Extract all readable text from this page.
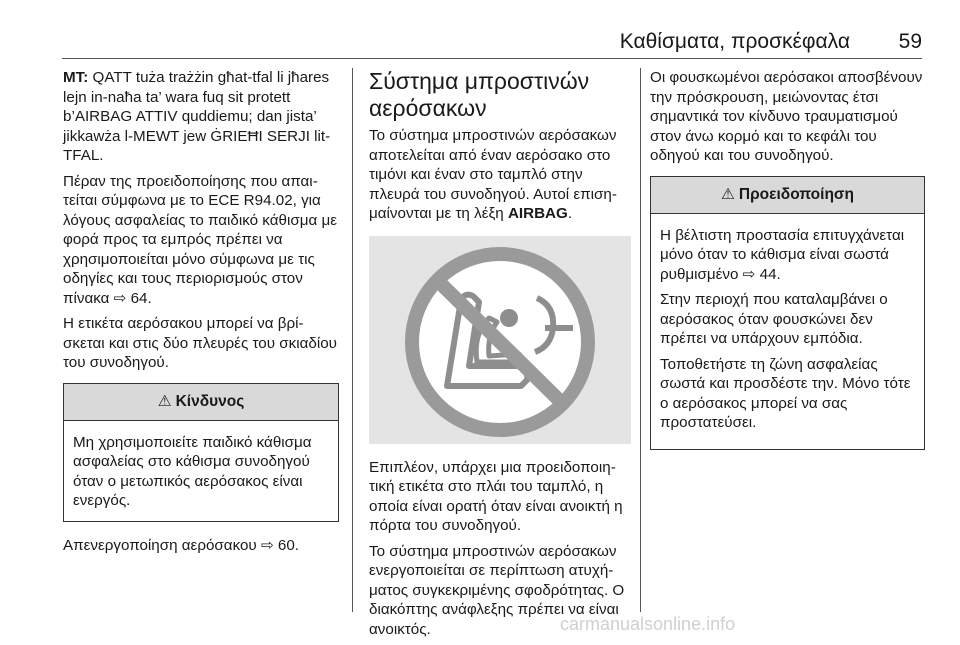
Καθίσματα, προσκέφαλα 59

MT: QATT tuża trażżin għat-tfal li jħares lejn in-naħa ta’ wara fuq sit protett b’AIRBAG ATTIV quddiemu; dan jista’ jikkawża l-MEWT jew ĠRIEĦI SERJI lit-TFAL.

Πέραν της προειδοποίησης που απαιτείται σύμφωνα με το ECE R94.02, για λόγους ασφαλείας το παιδικό κάθισμα με φορά προς τα εμπρός πρέπει να χρησιμοποιείται μόνο σύμφωνα με τις οδηγίες και τους περιορισμούς στον πίνακα ⇨ 64.

Η ετικέτα αερόσακου μπορεί να βρίσκεται και στις δύο πλευρές του σκιαδίου του συνοδηγού.

⚠ Κίνδυνος
Μη χρησιμοποιείτε παιδικό κάθισμα ασφαλείας στο κάθισμα συνοδηγού όταν ο μετωπικός αερόσακος είναι ενεργός.

Απενεργοποίηση αερόσακου ⇨ 60.

Σύστημα μπροστινών αερόσακων

Το σύστημα μπροστινών αερόσακων αποτελείται από έναν αερόσακο στο τιμόνι και έναν στο ταμπλό στην πλευρά του συνοδηγού. Αυτοί επισημαίνονται με τη λέξη AIRBAG.

Επιπλέον, υπάρχει μια προειδοποιητική ετικέτα στο πλάι του ταμπλό, η οποία είναι ορατή όταν είναι ανοικτή η πόρτα του συνοδηγού.

Το σύστημα μπροστινών αερόσακων ενεργοποιείται σε περίπτωση ατυχήματος συγκεκριμένης σφοδρότητας. Ο διακόπτης ανάφλεξης πρέπει να είναι ανοικτός.

Οι φουσκωμένοι αερόσακοι αποσβένουν την πρόσκρουση, μειώνοντας έτσι σημαντικά τον κίνδυνο τραυματισμού στον άνω κορμό και το κεφάλι του οδηγού και του συνοδηγού.

⚠ Προειδοποίηση

Η βέλτιστη προστασία επιτυγχάνεται μόνο όταν το κάθισμα είναι σωστά ρυθμισμένο ⇨ 44.

Στην περιοχή που καταλαμβάνει ο αερόσακος όταν φουσκώνει δεν πρέπει να υπάρχουν εμπόδια.

Τοποθετήστε τη ζώνη ασφαλείας σωστά και προσδέστε την. Μόνο τότε ο αερόσακος μπορεί να σας προστατεύσει.

carmanualsonline.info
